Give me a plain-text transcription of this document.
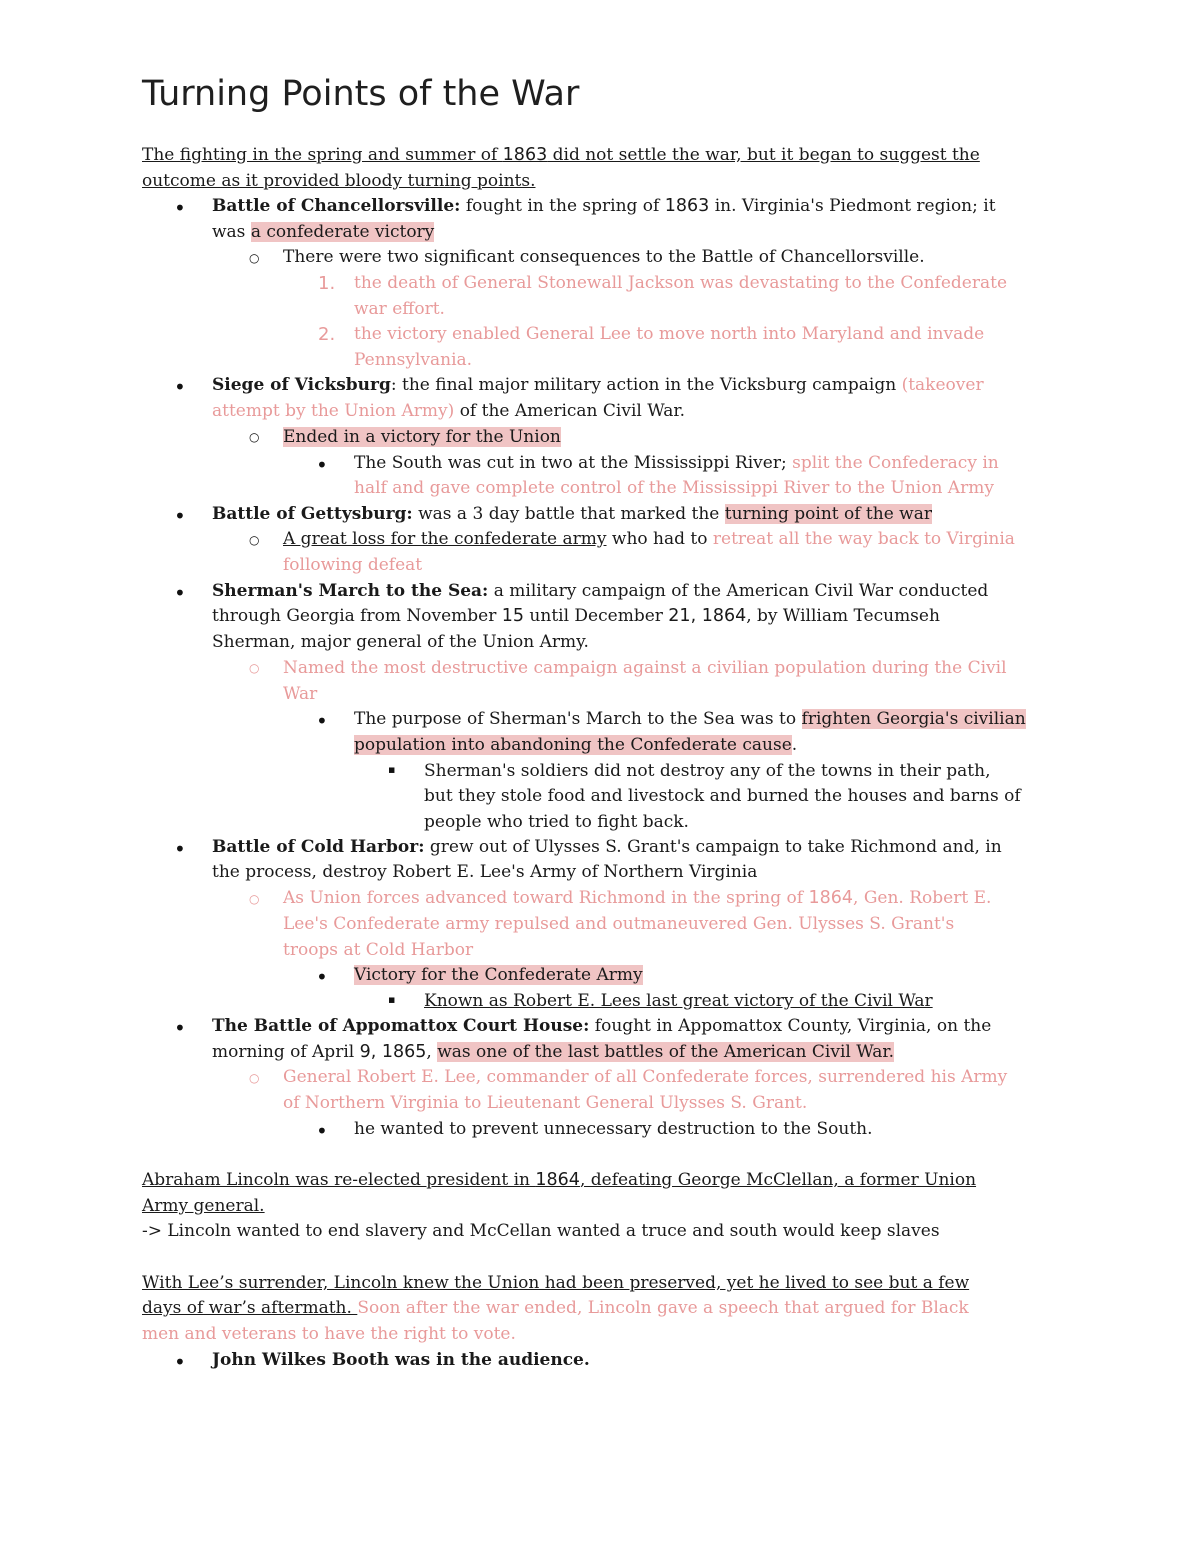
Turning Points of the War
The fighting in the spring and summer of 1863 did not settle the war, but it began to suggest the
outcome as it provided bloody turning points.
• Battle of Chancellorsville: fought in the spring of 1863 in. Virginia's Piedmont region; it
was a confederate victory
○ There were two significant consequences to the Battle of Chancellorsville.
1. the death of General Stonewall Jackson was devastating to the Confederate
war effort.
2. the victory enabled General Lee to move north into Maryland and invade
Pennsylvania.
• Siege of Vicksburg: the final major military action in the Vicksburg campaign (takeover
attempt by the Union Army) of the American Civil War.
○ Ended in a victory for the Union
• The South was cut in two at the Mississippi River; split the Confederacy in
half and gave complete control of the Mississippi River to the Union Army
• Battle of Gettysburg: was a 3 day battle that marked the turning point of the war
○ A great loss for the confederate army who had to retreat all the way back to Virginia
following defeat
• Sherman's March to the Sea: a military campaign of the American Civil War conducted
through Georgia from November 15 until December 21, 1864, by William Tecumseh
Sherman, major general of the Union Army.
○ Named the most destructive campaign against a civilian population during the Civil
War
• The purpose of Sherman's March to the Sea was to frighten Georgia's civilian
population into abandoning the Confederate cause.
▪ Sherman's soldiers did not destroy any of the towns in their path,
but they stole food and livestock and burned the houses and barns of
people who tried to fight back.
• Battle of Cold Harbor: grew out of Ulysses S. Grant's campaign to take Richmond and, in
the process, destroy Robert E. Lee's Army of Northern Virginia
○ As Union forces advanced toward Richmond in the spring of 1864, Gen. Robert E.
Lee's Confederate army repulsed and outmaneuvered Gen. Ulysses S. Grant's
troops at Cold Harbor
• Victory for the Confederate Army
▪ Known as Robert E. Lees last great victory of the Civil War
• The Battle of Appomattox Court House: fought in Appomattox County, Virginia, on the
morning of April 9, 1865, was one of the last battles of the American Civil War.
○ General Robert E. Lee, commander of all Confederate forces, surrendered his Army
of Northern Virginia to Lieutenant General Ulysses S. Grant.
• he wanted to prevent unnecessary destruction to the South.
Abraham Lincoln was re-elected president in 1864, defeating George McClellan, a former Union
Army general.
-> Lincoln wanted to end slavery and McCellan wanted a truce and south would keep slaves
With Lee’s surrender, Lincoln knew the Union had been preserved, yet he lived to see but a few
days of war’s aftermath. Soon after the war ended, Lincoln gave a speech that argued for Black
men and veterans to have the right to vote.
• John Wilkes Booth was in the audience.
